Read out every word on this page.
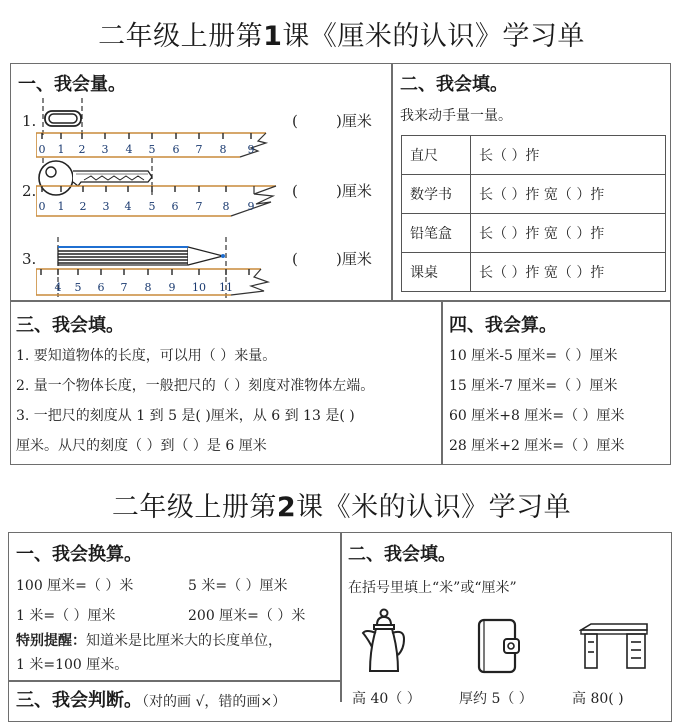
二年级上册第1课《厘米的认识》学习单
一、我会量。
1.
0 1 2 3 4 5 6 7 8 9
(        )厘米
2.
0 1 2 3 4 5 6 7 8 9
(        )厘米
3.
4 5 6 7 8 9 10 11
(        )厘米
二、我会填。
我来动手量一量。
直尺	长（ ）拃
数学书	长（ ）拃 宽（ ）拃
铅笔盒	长（ ）拃 宽（ ）拃
课桌	长（ ）拃 宽（ ）拃
三、我会填。
1. 要知道物体的长度，可以用（ ）来量。
2. 量一个物体长度，一般把尺的（ ）刻度对准物体左端。
3. 一把尺的刻度从 1 到 5 是( )厘米，从 6 到 13 是( )
厘米。从尺的刻度（ ）到（ ）是 6 厘米
四、我会算。
10 厘米-5 厘米=（ ）厘米
15 厘米-7 厘米=（ ）厘米
60 厘米+8 厘米=（ ）厘米
28 厘米+2 厘米=（ ）厘米
二年级上册第2课《米的认识》学习单
一、我会换算。
100 厘米=（ ）米	5 米=（ ）厘米
1 米=（ ）厘米	200 厘米=（ ）米
特别提醒：知道米是比厘米大的长度单位，
1 米=100 厘米。
三、我会判断。（对的画 √，错的画×）
二、我会填。
在括号里填上“米”或“厘米”
高 40（ ）	厚约 5（ ）	高 80( )
